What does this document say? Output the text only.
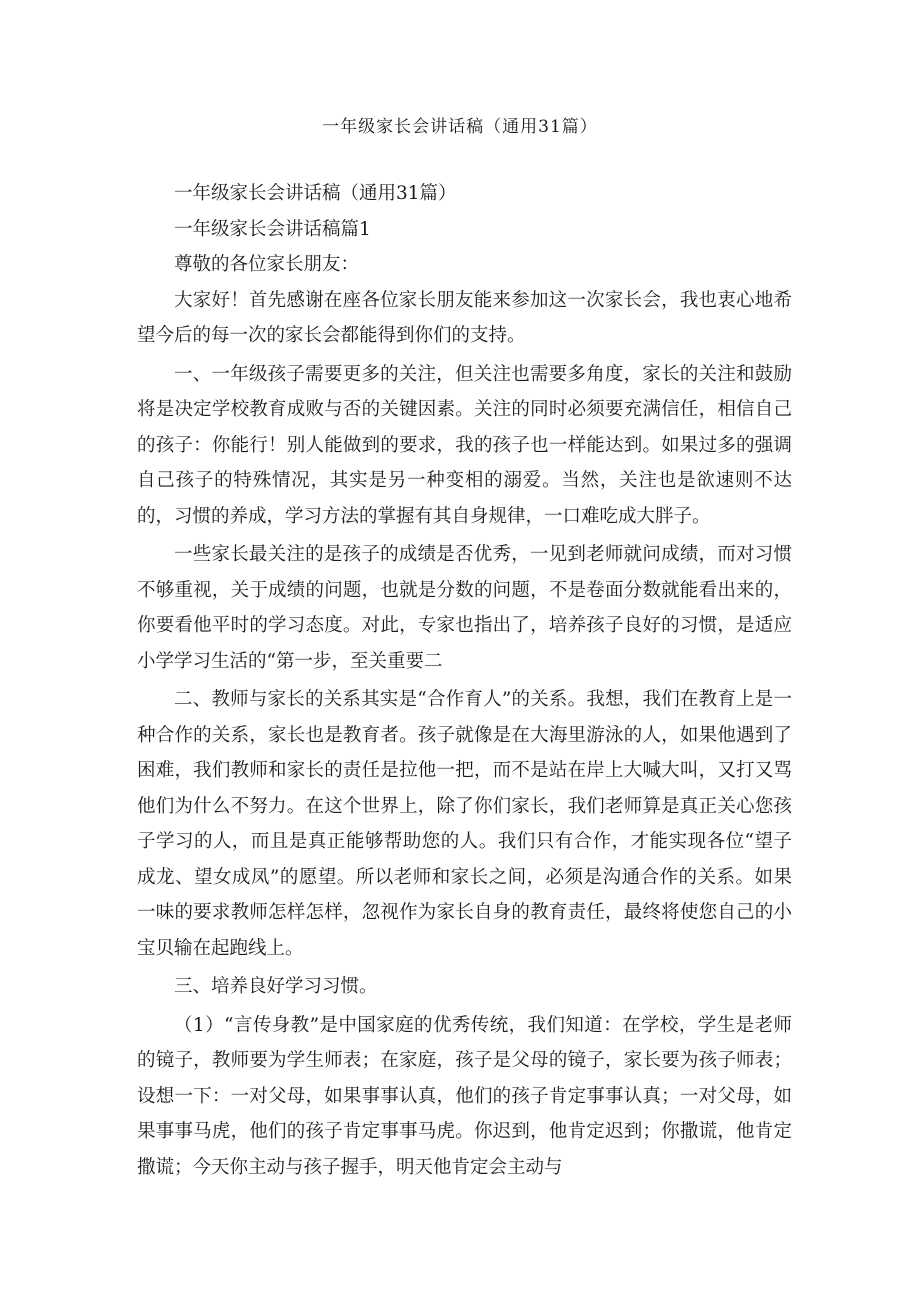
一年级家长会讲话稿（通用31篇）

一年级家长会讲话稿（通用31篇）

一年级家长会讲话稿篇1

尊敬的各位家长朋友：

大家好！首先感谢在座各位家长朋友能来参加这一次家长会，我也衷心地希望今后的每一次的家长会都能得到你们的支持。

一、一年级孩子需要更多的关注，但关注也需要多角度，家长的关注和鼓励将是决定学校教育成败与否的关键因素。关注的同时必须要充满信任，相信自己的孩子：你能行！别人能做到的要求，我的孩子也一样能达到。如果过多的强调自己孩子的特殊情况，其实是另一种变相的溺爱。当然，关注也是欲速则不达的，习惯的养成，学习方法的掌握有其自身规律，一口难吃成大胖子。

一些家长最关注的是孩子的成绩是否优秀，一见到老师就问成绩，而对习惯不够重视，关于成绩的问题，也就是分数的问题，不是卷面分数就能看出来的，你要看他平时的学习态度。对此，专家也指出了，培养孩子良好的习惯，是适应小学学习生活的“第一步，至关重要二

二、教师与家长的关系其实是“合作育人”的关系。我想，我们在教育上是一种合作的关系，家长也是教育者。孩子就像是在大海里游泳的人，如果他遇到了困难，我们教师和家长的责任是拉他一把，而不是站在岸上大喊大叫，又打又骂他们为什么不努力。在这个世界上，除了你们家长，我们老师算是真正关心您孩子学习的人，而且是真正能够帮助您的人。我们只有合作，才能实现各位“望子成龙、望女成凤”的愿望。所以老师和家长之间，必须是沟通合作的关系。如果一味的要求教师怎样怎样，忽视作为家长自身的教育责任，最终将使您自己的小宝贝输在起跑线上。

三、培养良好学习习惯。

（1）“言传身教”是中国家庭的优秀传统，我们知道：在学校，学生是老师的镜子，教师要为学生师表；在家庭，孩子是父母的镜子，家长要为孩子师表；设想一下：一对父母，如果事事认真，他们的孩子肯定事事认真；一对父母，如果事事马虎，他们的孩子肯定事事马虎。你迟到，他肯定迟到；你撒谎，他肯定撒谎；今天你主动与孩子握手，明天他肯定会主动与
